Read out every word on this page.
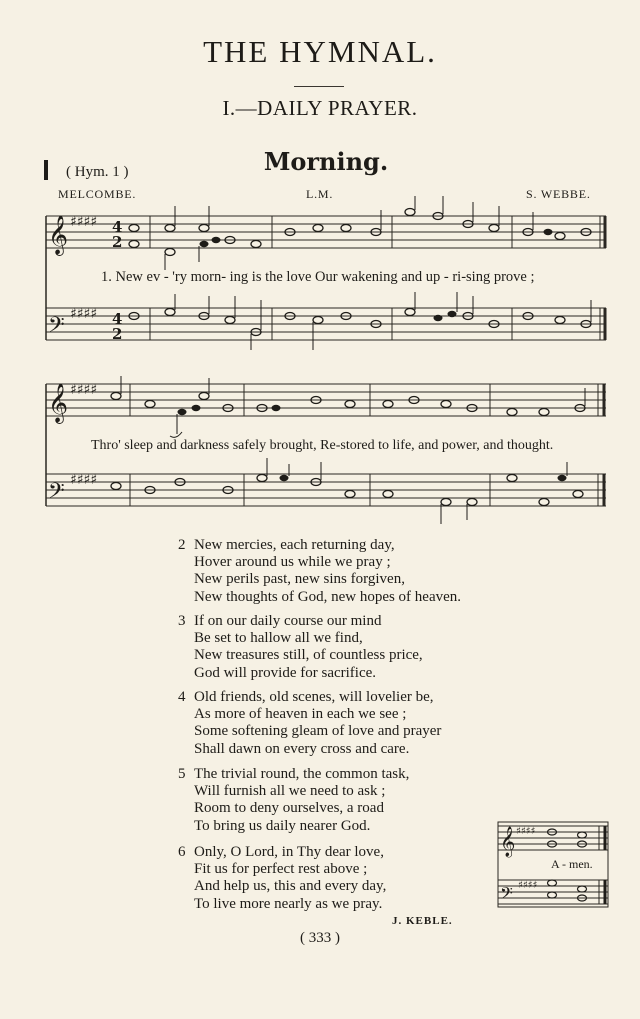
THE HYMNAL.
I.—DAILY PRAYER.
( Hym. 1 )	Morning.
MELCOMBE.	L.M.	S. WEBBE.
𝄞
𝄢
𝄞
𝄢
♯♯♯♯
♯♯♯♯
♯♯♯♯
♯♯♯♯
4
2
4
2
𝄞
𝄢
♯♯♯♯
♯♯♯♯
1. New ev - 'ry morn- ing is the love Our wakening and up - ri-sing prove ;
Thro' sleep and darkness safely brought, Re-stored to life, and power, and thought.
2 New mercies, each returning day,
Hover around us while we pray ;
New perils past, new sins forgiven,
New thoughts of God, new hopes of heaven.
3 If on our daily course our mind
Be set to hallow all we find,
New treasures still, of countless price,
God will provide for sacrifice.
4 Old friends, old scenes, will lovelier be,
As more of heaven in each we see ;
Some softening gleam of love and prayer
Shall dawn on every cross and care.
5 The trivial round, the common task,
Will furnish all we need to ask ;
Room to deny ourselves, a road
To bring us daily nearer God.
6 Only, O Lord, in Thy dear love,
Fit us for perfect rest above ;
And help us, this and every day,
To live more nearly as we pray.
A - men.
J. KEBLE.
( 333 )
